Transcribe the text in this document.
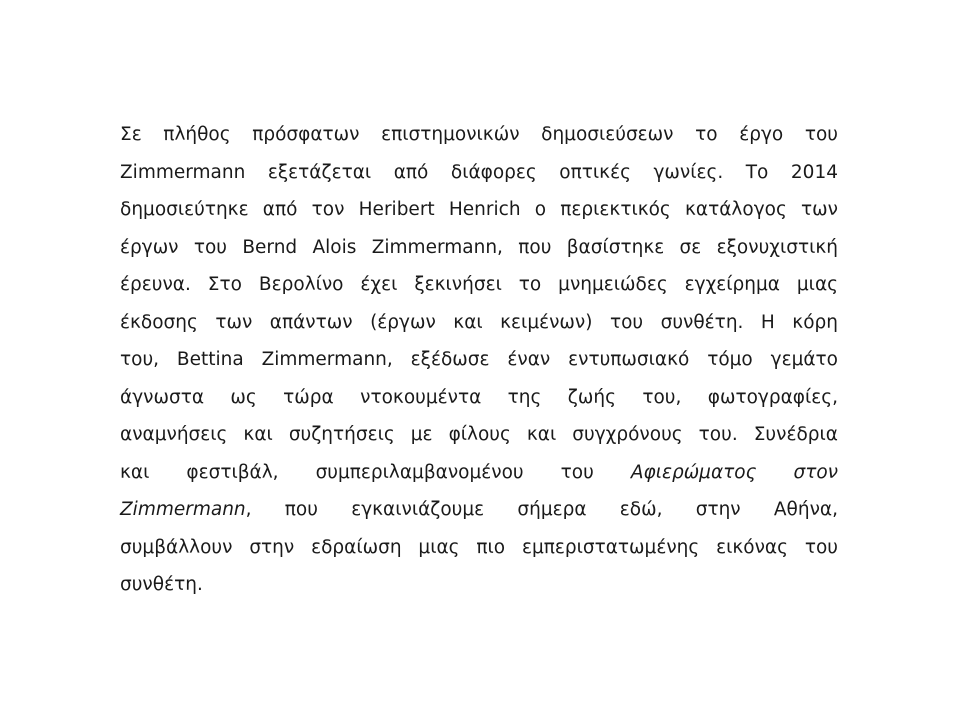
Σε πλήθος πρόσφατων επιστημονικών δημοσιεύσεων το έργο του
Zimmermann εξετάζεται από διάφορες οπτικές γωνίες. Το 2014
δημοσιεύτηκε από τον Heribert Henrich ο περιεκτικός κατάλογος των
έργων του Bernd Alois Zimmermann, που βασίστηκε σε εξονυχιστική
έρευνα. Στο Βερολίνο έχει ξεκινήσει το μνημειώδες εγχείρημα μιας
έκδοσης των απάντων (έργων και κειμένων) του συνθέτη. Η κόρη
του, Bettina Zimmermann, εξέδωσε έναν εντυπωσιακό τόμο γεμάτο
άγνωστα ως τώρα ντοκουμέντα της ζωής του, φωτογραφίες,
αναμνήσεις και συζητήσεις με φίλους και συγχρόνους του. Συνέδρια
και φεστιβάλ, συμπεριλαμβανομένου του Αφιερώματος στον
Zimmermann, που εγκαινιάζουμε σήμερα εδώ, στην Αθήνα,
συμβάλλουν στην εδραίωση μιας πιο εμπεριστατωμένης εικόνας του
συνθέτη.
